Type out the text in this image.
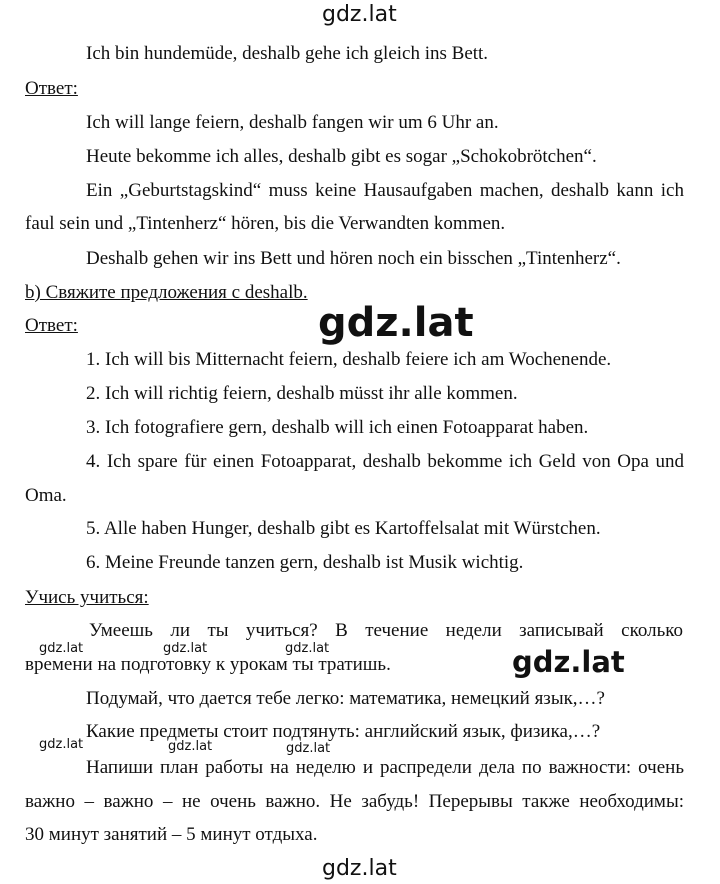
gdz.lat
Ich bin hundemüde, deshalb gehe ich gleich ins Bett.
Ответ:
Ich will lange feiern, deshalb fangen wir um 6 Uhr an.
Heute bekomme ich alles, deshalb gibt es sogar „Schokobrötchen“.
Ein „Geburtstagskind“ muss keine Hausaufgaben machen, deshalb kann ich
faul sein und „Tintenherz“ hören, bis die Verwandten kommen.
Deshalb gehen wir ins Bett und hören noch ein bisschen „Tintenherz“.
b) Свяжите предложения с deshalb.
Ответ:
1. Ich will bis Mitternacht feiern, deshalb feiere ich am Wochenende.
2. Ich will richtig feiern, deshalb müsst ihr alle kommen.
3. Ich fotografiere gern, deshalb will ich einen Fotoapparat haben.
4. Ich spare für einen Fotoapparat, deshalb bekomme ich Geld von Opa und
Oma.
5. Alle haben Hunger, deshalb gibt es Kartoffelsalat mit Würstchen.
6. Meine Freunde tanzen gern, deshalb ist Musik wichtig.
Учись учиться:
Умеешь ли ты учиться? В течение недели записывай сколько
времени на подготовку к урокам ты тратишь.
Подумай, что дается тебе легко: математика, немецкий язык,…?
Какие предметы стоит подтянуть: английский язык, физика,…?
Напиши план работы на неделю и распредели дела по важности: очень
важно – важно – не очень важно. Не забудь! Перерывы также необходимы:
30 минут занятий – 5 минут отдыха.
gdz.lat
gdz.lat
gdz.lat	gdz.lat	gdz.lat
gdz.lat	gdz.lat	gdz.lat
gdz.lat
